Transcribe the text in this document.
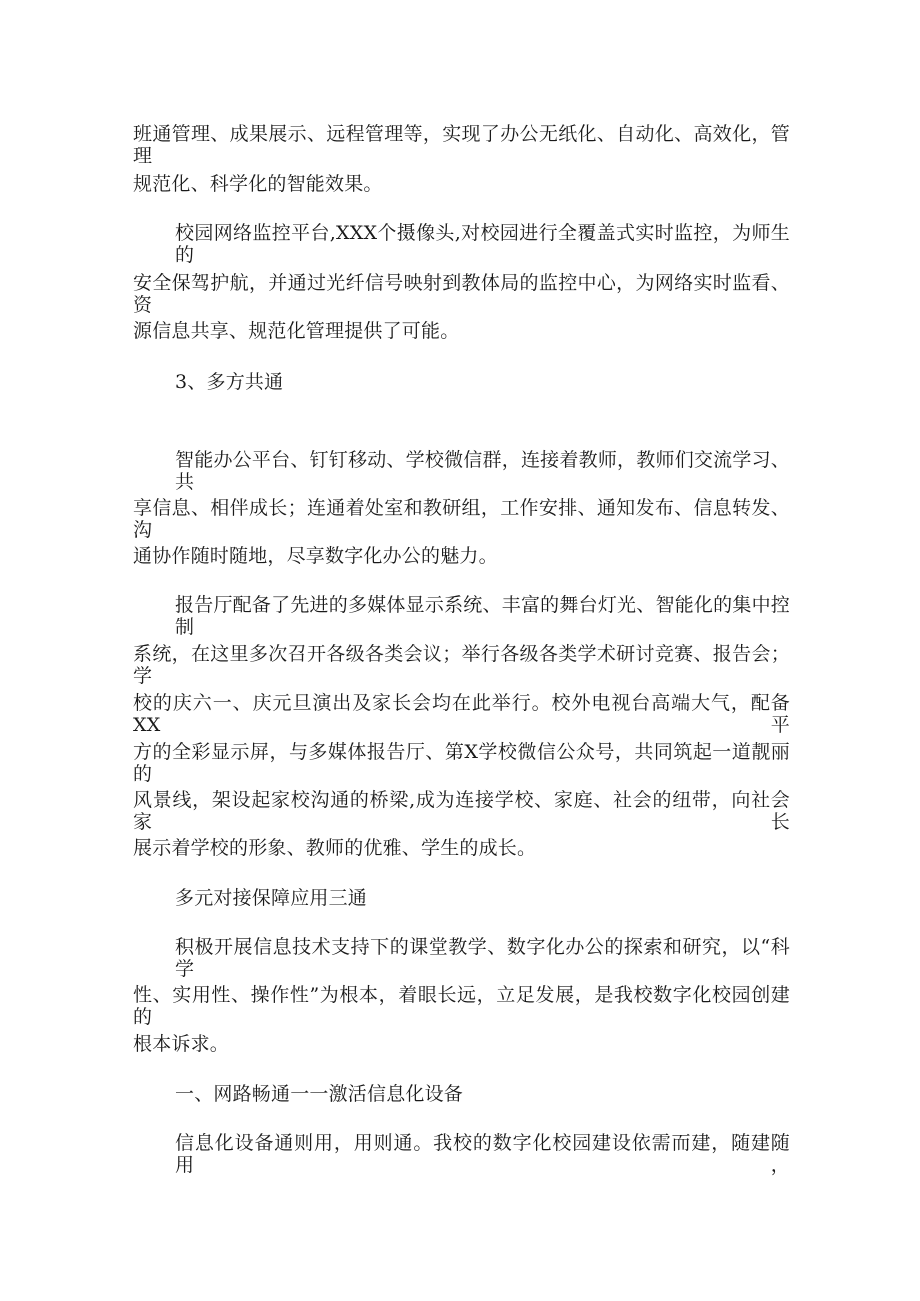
班通管理、成果展示、远程管理等，实现了办公无纸化、自动化、高效化，管理
规范化、科学化的智能效果。
校园网络监控平台,XXX个摄像头,对校园进行全覆盖式实时监控，为师生的
安全保驾护航，并通过光纤信号映射到教体局的监控中心，为网络实时监看、资
源信息共享、规范化管理提供了可能。
3、多方共通
智能办公平台、钉钉移动、学校微信群，连接着教师，教师们交流学习、共
享信息、相伴成长；连通着处室和教研组，工作安排、通知发布、信息转发、沟
通协作随时随地，尽享数字化办公的魅力。
报告厅配备了先进的多媒体显示系统、丰富的舞台灯光、智能化的集中控制
系统，在这里多次召开各级各类会议；举行各级各类学术研讨竞赛、报告会；学
校的庆六一、庆元旦演出及家长会均在此举行。校外电视台高端大气，配备XX平
方的全彩显示屏，与多媒体报告厅、第X学校微信公众号，共同筑起一道靓丽的
风景线，架设起家校沟通的桥梁,成为连接学校、家庭、社会的纽带，向社会家长
展示着学校的形象、教师的优雅、学生的成长。
多元对接保障应用三通
积极开展信息技术支持下的课堂教学、数字化办公的探索和研究，以“科学
性、实用性、操作性”为根本，着眼长远，立足发展，是我校数字化校园创建的
根本诉求。
一、网路畅通一一激活信息化设备
信息化设备通则用，用则通。我校的数字化校园建设依需而建，随建随用，
